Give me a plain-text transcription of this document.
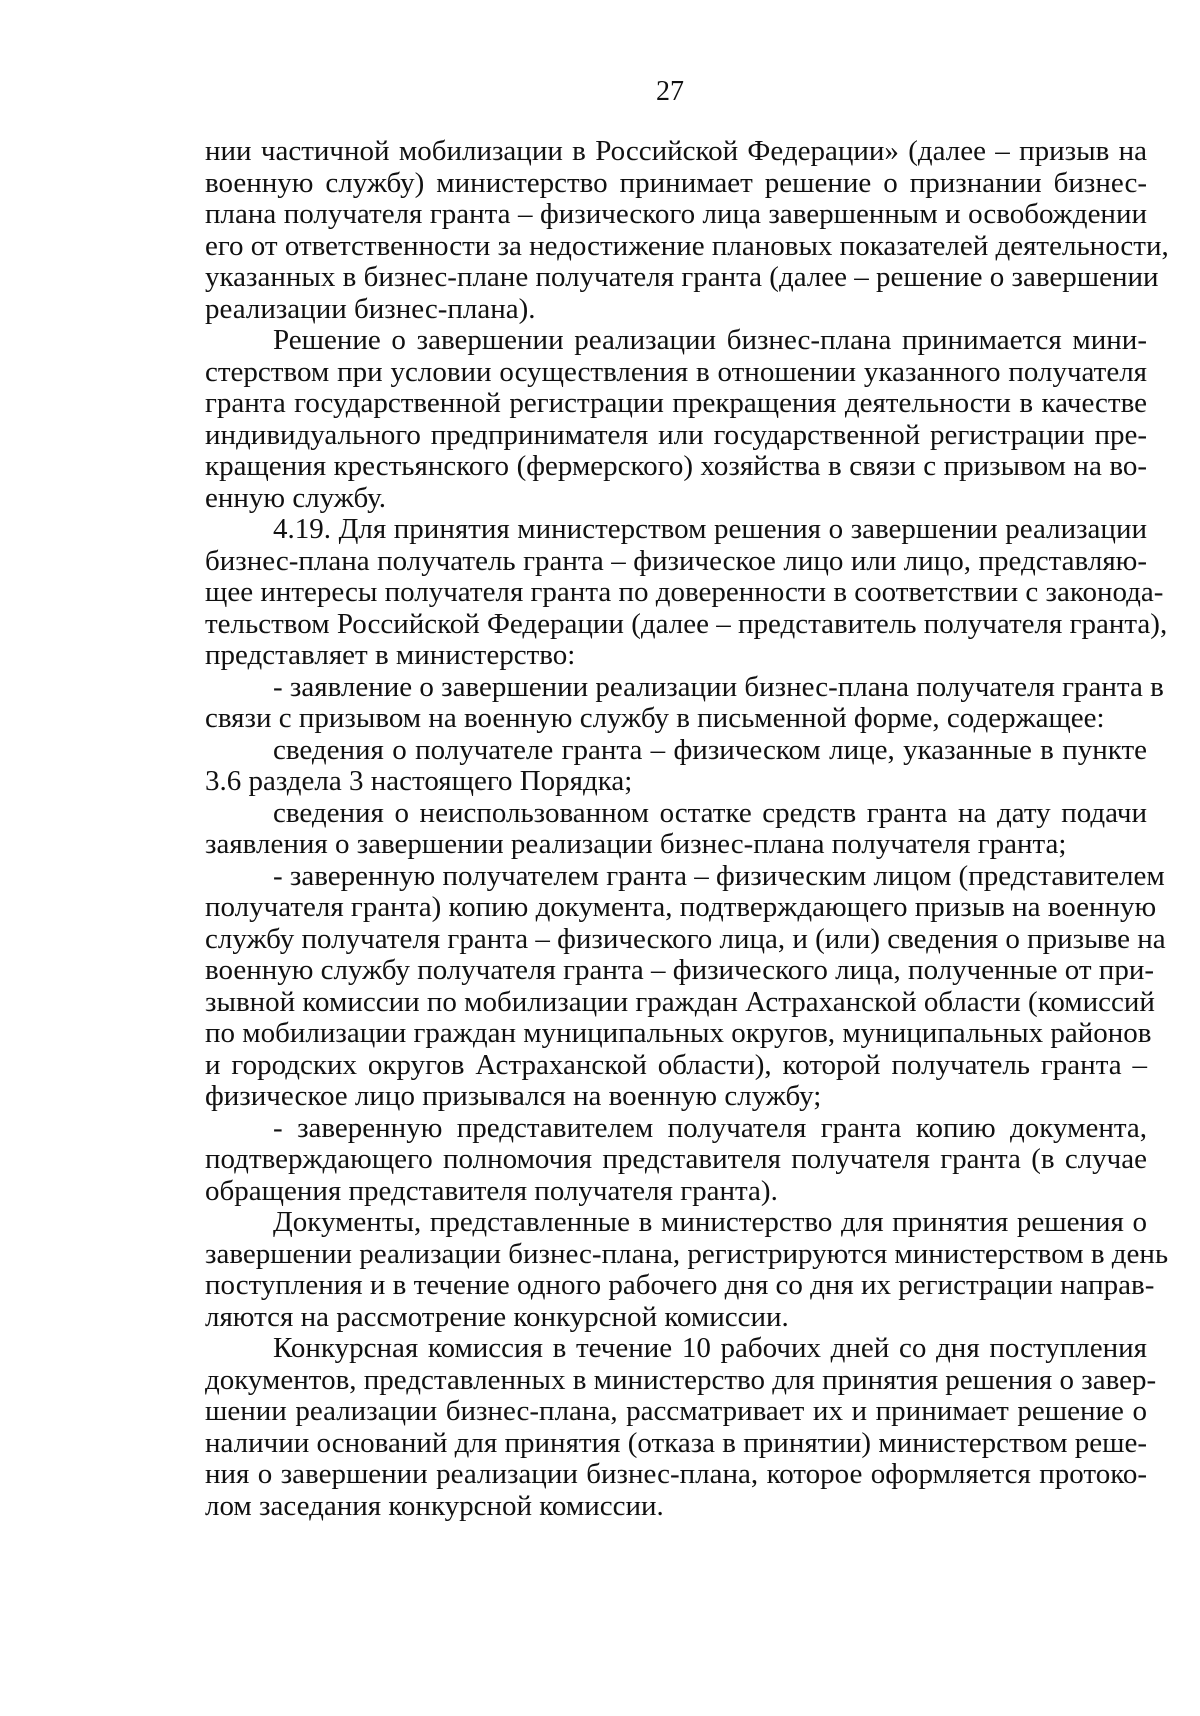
27
нии частичной мобилизации в Российской Федерации» (далее – призыв на
военную службу) министерство принимает решение о признании бизнес-
плана получателя гранта – физического лица завершенным и освобождении
его от ответственности за недостижение плановых показателей деятельности,
указанных в бизнес-плане получателя гранта (далее – решение о завершении
реализации бизнес-плана).
Решение о завершении реализации бизнес-плана принимается мини-
стерством при условии осуществления в отношении указанного получателя
гранта государственной регистрации прекращения деятельности в качестве
индивидуального предпринимателя или государственной регистрации пре-
кращения крестьянского (фермерского) хозяйства в связи с призывом на во-
енную службу.
4.19. Для принятия министерством решения о завершении реализации
бизнес-плана получатель гранта – физическое лицо или лицо, представляю-
щее интересы получателя гранта по доверенности в соответствии с законода-
тельством Российской Федерации (далее – представитель получателя гранта),
представляет в министерство:
- заявление о завершении реализации бизнес-плана получателя гранта в
связи с призывом на военную службу в письменной форме, содержащее:
сведения о получателе гранта – физическом лице, указанные в пункте
3.6 раздела 3 настоящего Порядка;
сведения о неиспользованном остатке средств гранта на дату подачи
заявления о завершении реализации бизнес-плана получателя гранта;
- заверенную получателем гранта – физическим лицом (представителем
получателя гранта) копию документа, подтверждающего призыв на военную
службу получателя гранта – физического лица, и (или) сведения о призыве на
военную службу получателя гранта – физического лица, полученные от при-
зывной комиссии по мобилизации граждан Астраханской области (комиссий
по мобилизации граждан муниципальных округов, муниципальных районов
и городских округов Астраханской области), которой получатель гранта –
физическое лицо призывался на военную службу;
- заверенную представителем получателя гранта копию документа,
подтверждающего полномочия представителя получателя гранта (в случае
обращения представителя получателя гранта).
Документы, представленные в министерство для принятия решения о
завершении реализации бизнес-плана, регистрируются министерством в день
поступления и в течение одного рабочего дня со дня их регистрации направ-
ляются на рассмотрение конкурсной комиссии.
Конкурсная комиссия в течение 10 рабочих дней со дня поступления
документов, представленных в министерство для принятия решения о завер-
шении реализации бизнес-плана, рассматривает их и принимает решение о
наличии оснований для принятия (отказа в принятии) министерством реше-
ния о завершении реализации бизнес-плана, которое оформляется протоко-
лом заседания конкурсной комиссии.
